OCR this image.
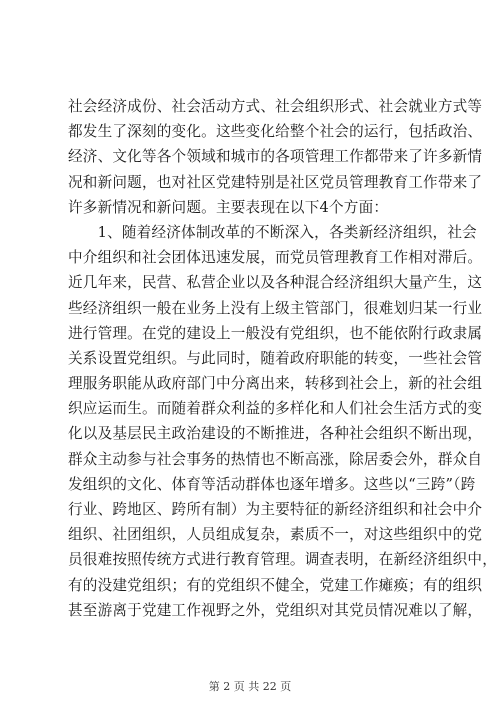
社会经济成份、社会活动方式、社会组织形式、社会就业方式等
都发生了深刻的变化。这些变化给整个社会的运行，包括政治、
经济、文化等各个领域和城市的各项管理工作都带来了许多新情
况和新问题，也对社区党建特别是社区党员管理教育工作带来了
许多新情况和新问题。主要表现在以下4个方面：
　　1、随着经济体制改革的不断深入，各类新经济组织，社会
中介组织和社会团体迅速发展，而党员管理教育工作相对滞后。
近几年来，民营、私营企业以及各种混合经济组织大量产生，这
些经济组织一般在业务上没有上级主管部门，很难划归某一行业
进行管理。在党的建设上一般没有党组织，也不能依附行政隶属
关系设置党组织。与此同时，随着政府职能的转变，一些社会管
理服务职能从政府部门中分离出来，转移到社会上，新的社会组
织应运而生。而随着群众利益的多样化和人们社会生活方式的变
化以及基层民主政治建设的不断推进，各种社会组织不断出现，
群众主动参与社会事务的热情也不断高涨，除居委会外，群众自
发组织的文化、体育等活动群体也逐年增多。这些以“三跨”（跨
行业、跨地区、跨所有制）为主要特征的新经济组织和社会中介
组织、社团组织，人员组成复杂，素质不一，对这些组织中的党
员很难按照传统方式进行教育管理。调查表明，在新经济组织中，
有的没建党组织；有的党组织不健全，党建工作瘫痪；有的组织
甚至游离于党建工作视野之外，党组织对其党员情况难以了解，
第 2 页 共 22 页
